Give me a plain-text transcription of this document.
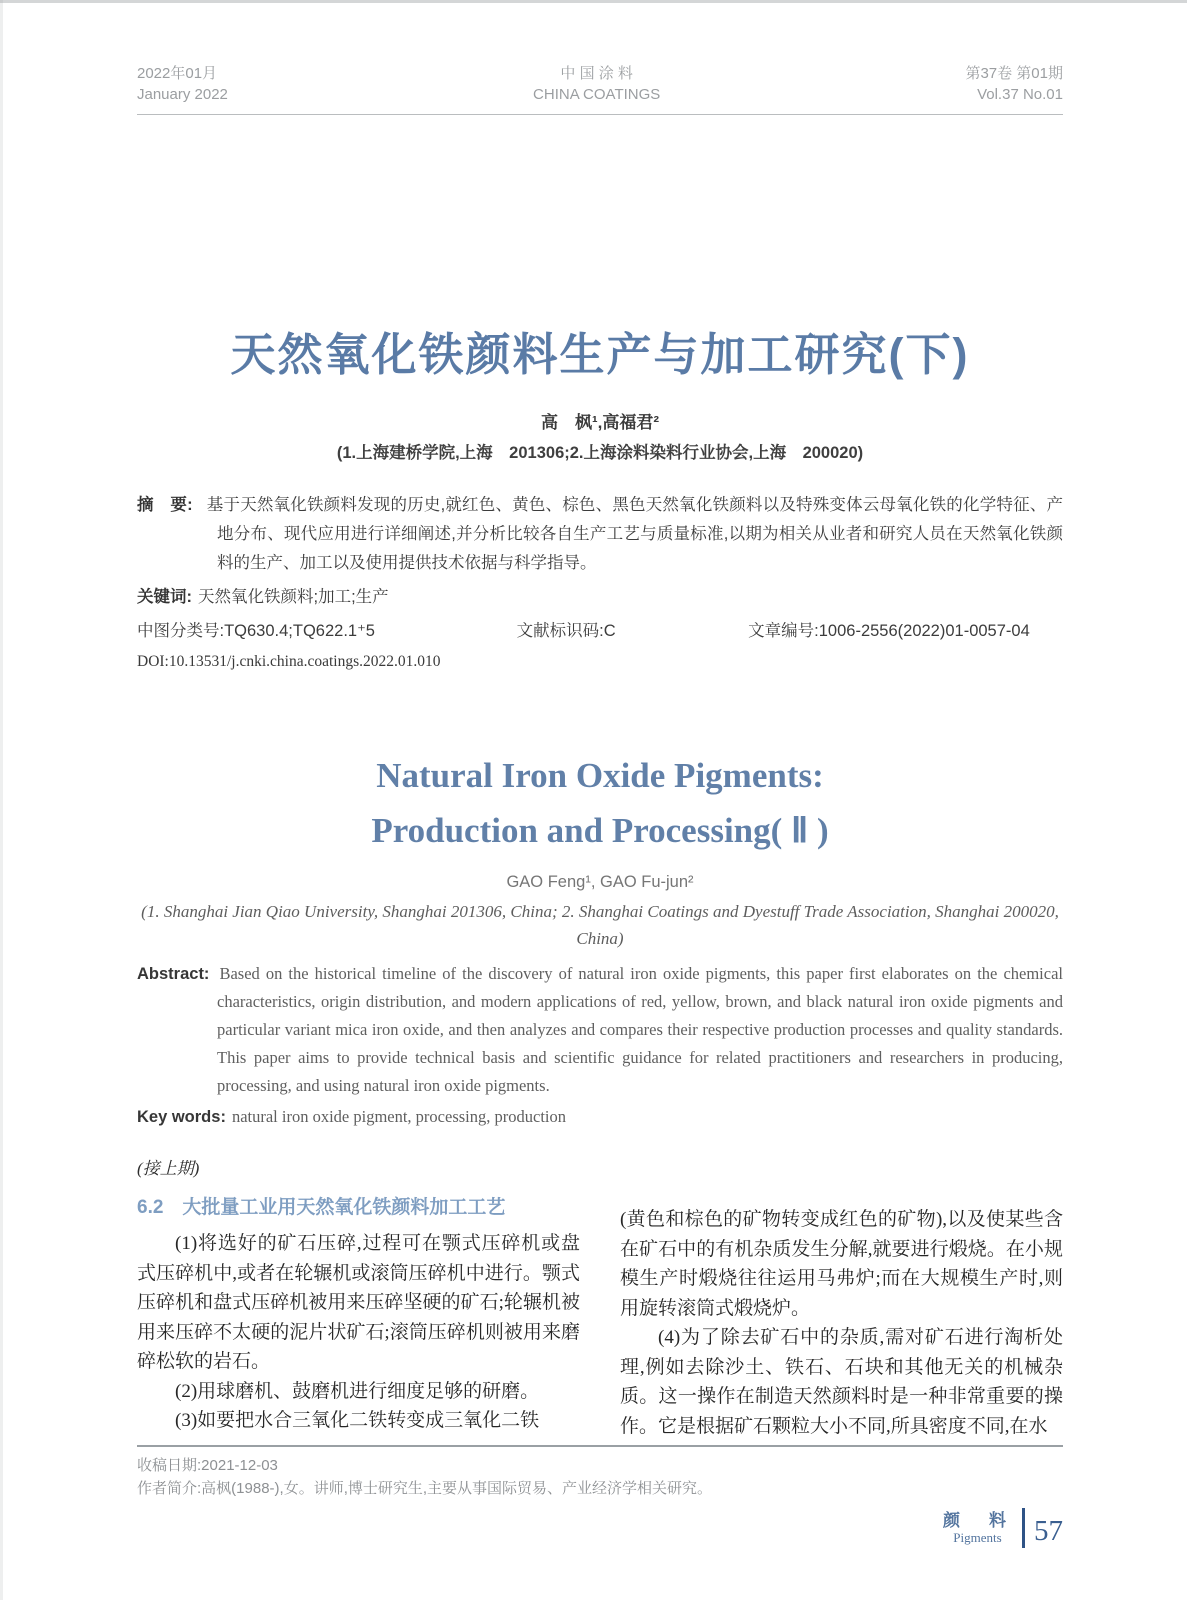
2022年01月
January 2022
中 国 涂 料
CHINA COATINGS
第37卷 第01期
Vol.37 No.01
天然氧化铁颜料生产与加工研究(下)
高　枫¹,高福君²
(1.上海建桥学院,上海　201306;2.上海涂料染料行业协会,上海　200020)
摘　要: 基于天然氧化铁颜料发现的历史,就红色、黄色、棕色、黑色天然氧化铁颜料以及特殊变体云母氧化铁的化学特征、产地分布、现代应用进行详细阐述,并分析比较各自生产工艺与质量标准,以期为相关从业者和研究人员在天然氧化铁颜料的生产、加工以及使用提供技术依据与科学指导。
关键词: 天然氧化铁颜料;加工;生产
中图分类号:TQ630.4;TQ622.1⁺5	文献标识码:C	文章编号:1006-2556(2022)01-0057-04
DOI:10.13531/j.cnki.china.coatings.2022.01.010
Natural Iron Oxide Pigments:
Production and Processing( Ⅱ )
GAO Feng¹, GAO Fu-jun²
(1. Shanghai Jian Qiao University, Shanghai 201306, China; 2. Shanghai Coatings and Dyestuff Trade Association, Shanghai 200020, China)
Abstract: Based on the historical timeline of the discovery of natural iron oxide pigments, this paper first elaborates on the chemical characteristics, origin distribution, and modern applications of red, yellow, brown, and black natural iron oxide pigments and particular variant mica iron oxide, and then analyzes and compares their respective production processes and quality standards. This paper aims to provide technical basis and scientific guidance for related practitioners and researchers in producing, processing, and using natural iron oxide pigments.
Key words: natural iron oxide pigment, processing, production
(接上期)
6.2　大批量工业用天然氧化铁颜料加工工艺

(1)将选好的矿石压碎,过程可在颚式压碎机或盘式压碎机中,或者在轮辗机或滚筒压碎机中进行。颚式压碎机和盘式压碎机被用来压碎坚硬的矿石;轮辗机被用来压碎不太硬的泥片状矿石;滚筒压碎机则被用来磨碎松软的岩石。

(2)用球磨机、鼓磨机进行细度足够的研磨。

(3)如要把水合三氧化二铁转变成三氧化二铁

(黄色和棕色的矿物转变成红色的矿物),以及使某些含在矿石中的有机杂质发生分解,就要进行煅烧。在小规模生产时煅烧往往运用马弗炉;而在大规模生产时,则用旋转滚筒式煅烧炉。

(4)为了除去矿石中的杂质,需对矿石进行淘析处理,例如去除沙土、铁石、石块和其他无关的机械杂质。这一操作在制造天然颜料时是一种非常重要的操作。它是根据矿石颗粒大小不同,所具密度不同,在水

收稿日期:2021-12-03
作者简介:高枫(1988-),女。讲师,博士研究生,主要从事国际贸易、产业经济学相关研究。
颜　料
Pigments	57
